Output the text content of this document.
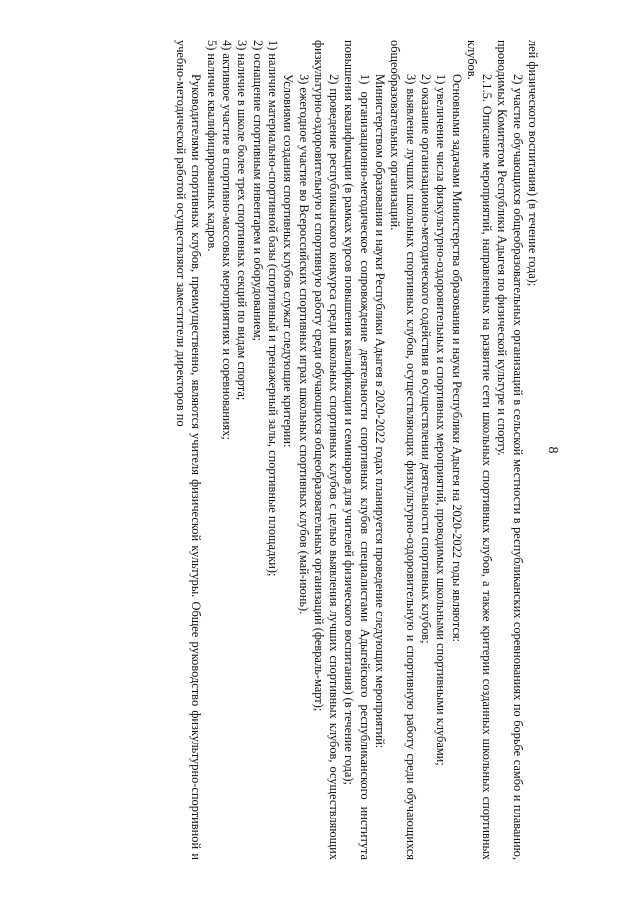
8

лей физического воспитания) (в течение года);

2) участие обучающихся общеобразовательных организаций в сельской местности в республиканских соревнованиях по борьбе самбо и плаванию, проводимых Комитетом Республики Адыгея по физической культуре и спорту.

2.1.5. Описание мероприятий, направленных на развитие сети школьных спортивных клубов, а также критерии созданных школьных спортивных клубов.

Основными задачами Министерства образования и науки Республики Адыгея на 2020-2022 годы являются:

1) увеличение числа физкультурно-оздоровительных и спортивных мероприятий, проводимых школьными спортивными клубами;

2) оказание организационно-методического содействия в осуществлении деятельности спортивных клубов;

3) выявление лучших школьных спортивных клубов, осуществляющих физкультурно-оздоровительную и спортивную работу среди обучающихся общеобразовательных организаций.

Министерством образования и науки Республики Адыгея в 2020-2022 годах планируется проведение следующих мероприятий:

1) организационно-методическое сопровождение деятельности спортивных клубов специалистами Адыгейского республиканского института повышения квалификации (в рамках курсов повышения квалификации и семинаров для учителей физического воспитания) (в течение года);

2) проведение республиканского конкурса среди школьных спортивных клубов с целью выявления лучших спортивных клубов, осуществляющих физкультурно-оздоровительную и спортивную работу среди обучающихся общеобразовательных организаций (февраль-март);

3) ежегодное участие во Всероссийских спортивных играх школьных спортивных клубов (май-июнь).

Условиями создания спортивных клубов служат следующие критерии:

1) наличие материально-спортивной базы (спортивный и тренажерный залы, спортивные площадки);

2) оснащение спортивным инвентарем и оборудованием;

3) наличие в школе более трех спортивных секций по видам спорта;

4) активное участие в спортивно-массовых мероприятиях и соревнованиях;

5) наличие квалифицированных кадров.

Руководителями спортивных клубов, преимущественно, являются учителя физической культуры. Общее руководство физкультурно-спортивной и учебно-методической работой осуществляют заместители директоров по
